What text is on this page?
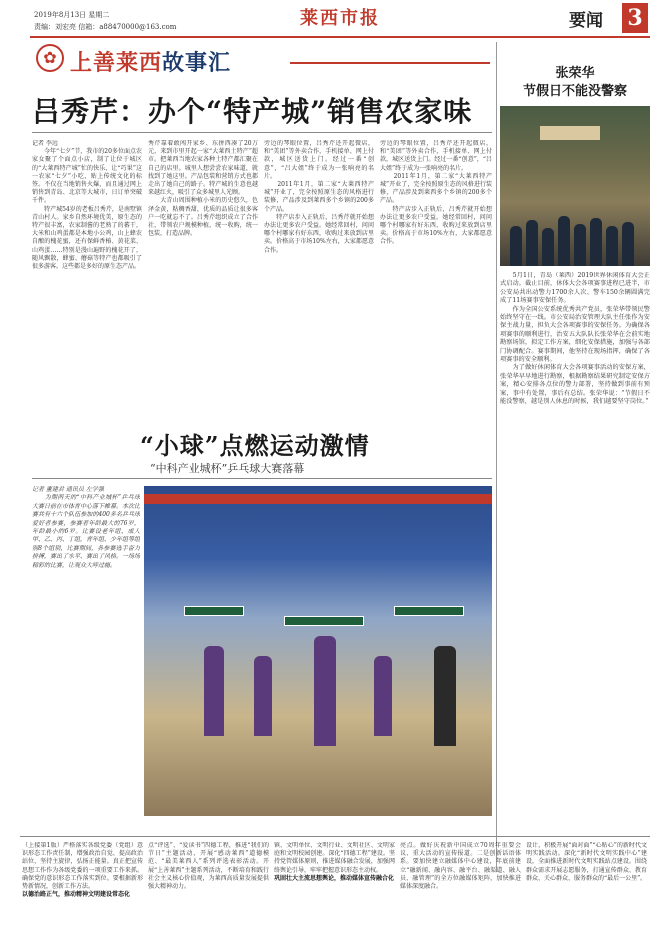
2019年8月13日 星期二
责编：刘宏亮 信箱：a88470000@163.com	莱西市报	要闻 3
✿ 上善莱西故事汇
吕秀芹：办个“特产城”销售农家味
记者 李远
　　今年“七夕”节，我市的20多位面点农家女聚了个面点小店，制了让位于城区的“大莱西特产城”忙的快乐，让“巧果”这一农家“七夕”小吃，贴上传统文化的标签。不仅在当地销售火爆，而且通过网上销售到青岛、北京等大城市，日订单突破千件。
　　特产城54岁的老板吕秀芹，是南墅镇青山村人。家乡自然环境优美，原生态的特产很丰富，农家制酱的老熟了的蕃干，大米和山鸡蛋都是本地小公鸡，山上蜂农自酿的槐花蜜，还有保鲜香椿、黄花菜、山鸡蛋……特别是漫山遍野的槐花开了，随风飘散，蜂蜜、蘑菇等特产也都吸引了很多游客。这些都是多好的原生态产品。
秀芹靠着敢闯开家乡、东拼西凑了20万元，来到市里开起一家“大莱西土特产”超市。把莱西当地农家各种土特产都汇聚在自己的店里。城里人想尝尝农家味道，就找到了她这里。产品包装和营销方式也都走出了她自己的路子。特产城的生意也越来越红火，吸引了众多城里人光顾。
　　大青山周围种植小米的历史悠久，色泽金黄，粘稠香甜，优质的品质让很多客户一吃就忘不了。吕秀芹组织成立了合作社，带领农户规模种植，统一收购，统一包装，打造品牌。
旁边的琴眼位置，吕秀芹还开起微店，和“美团”等外卖合作，手机接单、网上付款，城区送货上门。经过一番“创意”，“吕大姐”终于成为一张响亮的名片。
　　2011年1月，第二家“大莱西特产城”开业了，完全按照原生态的风格进行装修，产品涉及到莱西多个乡镇的200多个产品。
　　特产店步入正轨后，吕秀芹就开始想办法让更多农户受益。她经常回村，问问哪个村哪家有好东西，收购过来放到店里卖。价格高于市场10%左右，大家都愿意合作。
旁边的琴眼位置，吕秀芹还开起微店，和“美团”等外卖合作，手机接单、网上付款，城区送货上门。经过一番“创意”，“吕大姐”终于成为一张响亮的名片。
　　2011年1月，第二家“大莱西特产城”开业了，完全按照原生态的风格进行装修，产品涉及到莱西多个乡镇的200多个产品。
　　特产店步入正轨后，吕秀芹就开始想办法让更多农户受益。她经常回村，问问哪个村哪家有好东西，收购过来放到店里卖。价格高于市场10%左右，大家都愿意合作。
张荣华
节假日不能没警察
　　5月1日，青岛（莱西）2019世界休闲体育大会正式启动。截止目前，休体大会各项赛事进程已进半，市公安局共出动警力1700余人次、警车150余辆圆满完成了11场赛事安保任务。
　　作为全国公安系统优秀共产党员，张荣华带领民警始终坚守在一线。市公安局治安管理大队主任张作为安保主战力量，担负大会各项赛事的安保任务。为确保各项赛事的顺利进行，治安五大队队长张荣华在会前实地勘察场馆，拟定工作方案，细化安保措施，加强与各部门协调配合。赛事期间，他坚持在现场指挥，确保了各项赛事的安全顺利。
　　为了做好休闲体育大会各项赛事活动的安保方案，张荣华早早地进行勘察，根据勘察结果研究制定安保方案，精心安排各点位的警力部署，坚持做到事前有预案，事中有处置，事后有总结。张荣华说：“节假日不能没警察，越是别人休息的时候，我们越要坚守岗位。”
“小球”点燃运动激情
“中科产业城杯”乒乓球大赛落幕
记者 董建君 通讯员 左学强
　　为期两天的“中科产业城杯”乒乓球大赛日前在市体育中心落下帷幕。本次比赛共有十六个队伍参加的400多名乒乓球爱好者参赛，参赛者年龄最大的76岁，年龄最小的6岁。比赛设老年组、成人甲、乙、丙、丁组，青年组、少年组等组别8个组别，比赛期间，各参赛选手奋力拼搏，赛出了水平、赛出了风格。一场场精彩的比赛，让观众大呼过瘾。
（上接第1版）严格落实各级党委（党组）意识形态工作责任制，增强政治自觉、提高政治站位，坚持主旋律，弘扬正能量。真正把宣传思想工作作为各级党委的一项重要工作来抓。确保党的意识形态工作落实到位。要根据新形势新情况，创新工作方法。
以德治路正气，推动精神文明建设常态化
点“评选”、“爱读书”四德工程，推进“我们的节日”主题活动，开展“感动莱西”道德模范、“最美莱西人”系列评选表彰活动。开展“上善莱西”主题系列活动，不断培育和践行社会主义核心价值观，为莱西高质量发展提供强大精神动力。
镇、文明单位、文明行业、文明社区、文明家庭和文明校园创建。深化“四德工程”建设。坚持党管媒体原则，推进媒体融合发展，加强网络舆论引导，牢牢把握意识形态主动权。
巩固壮大主流思想舆论，推动媒体宣传融合化
亮点。做好庆祝新中国成立70周年重要会议、重大活动的宣传报道。二是创新话语体系。要加快建立融媒体中心建设，年底前建立“融新闻、融内容、融平台、融渠道、融人员、融管理”的全方位融媒体矩阵，加快推进媒体深度融合。
设计，积极开展“面对面”“心贴心”的新时代文明实践活动。深化“新时代文明实践中心”建设，全面推进新时代文明实践站点建设。围绕群众需求开展志愿服务，打通宣传群众、教育群众、关心群众、服务群众的“最后一公里”。
